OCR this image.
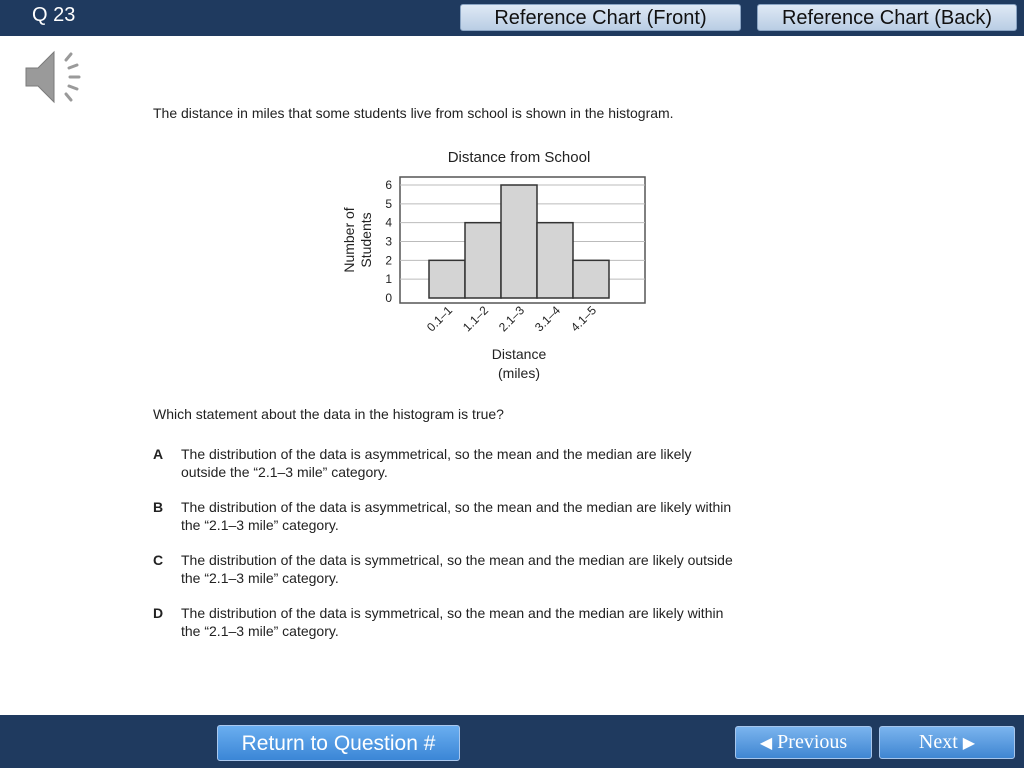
Q 23	Reference Chart (Front)	Reference Chart (Back)
The distance in miles that some students live from school is shown in the histogram.
Distance from School
0
1
2
3
4
5
6
0.1–1 1.1–2 2.1–3 3.1–4 4.1–5
Number of Students
Distance
(miles)
Which statement about the data in the histogram is true?
A	The distribution of the data is asymmetrical, so the mean and the median are likely
outside the “2.1–3 mile” category.
B	The distribution of the data is asymmetrical, so the mean and the median are likely within
the “2.1–3 mile” category.
C	The distribution of the data is symmetrical, so the mean and the median are likely outside
the “2.1–3 mile” category.
D	The distribution of the data is symmetrical, so the mean and the median are likely within
the “2.1–3 mile” category.
Return to Question #	◀ Previous	Next ▶
